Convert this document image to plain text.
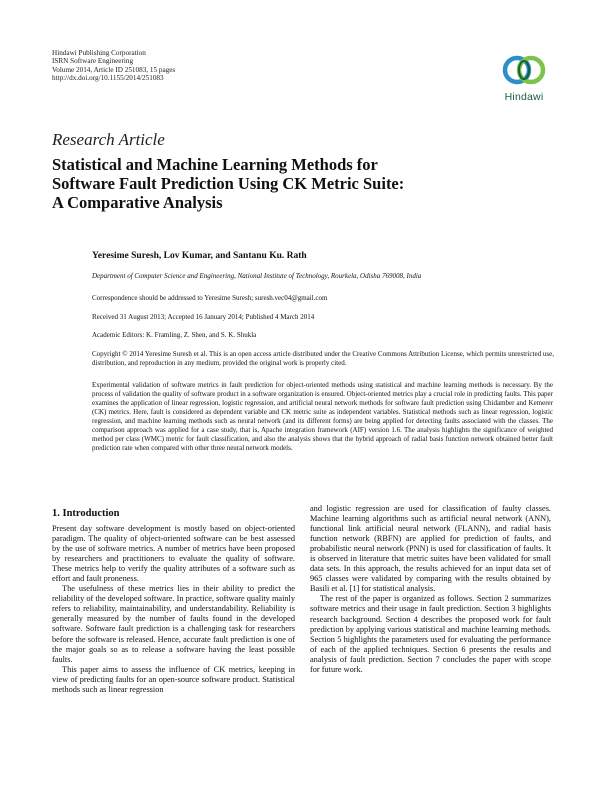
Hindawi Publishing Corporation
ISRN Software Engineering
Volume 2014, Article ID 251083, 15 pages
http://dx.doi.org/10.1155/2014/251083
Hindawi
Research Article
Statistical and Machine Learning Methods for
Software Fault Prediction Using CK Metric Suite:
A Comparative Analysis
Yeresime Suresh, Lov Kumar, and Santanu Ku. Rath
Department of Computer Science and Engineering, National Institute of Technology, Rourkela, Odisha 769008, India
Correspondence should be addressed to Yeresime Suresh; suresh.vec04@gmail.com
Received 31 August 2013; Accepted 16 January 2014; Published 4 March 2014
Academic Editors: K. Framling, Z. Shen, and S. K. Shukla
Copyright © 2014 Yeresime Suresh et al. This is an open access article distributed under the Creative Commons Attribution License, which permits unrestricted use, distribution, and reproduction in any medium, provided the original work is properly cited.
Experimental validation of software metrics in fault prediction for object-oriented methods using statistical and machine learning methods is necessary. By the process of validation the quality of software product in a software organization is ensured. Object-oriented metrics play a crucial role in predicting faults. This paper examines the application of linear regression, logistic regression, and artificial neural network methods for software fault prediction using Chidamber and Kemerer (CK) metrics. Here, fault is considered as dependent variable and CK metric suite as independent variables. Statistical methods such as linear regression, logistic regression, and machine learning methods such as neural network (and its different forms) are being applied for detecting faults associated with the classes. The comparison approach was applied for a case study, that is, Apache integration framework (AIF) version 1.6. The analysis highlights the significance of weighted method per class (WMC) metric for fault classification, and also the analysis shows that the hybrid approach of radial basis function network obtained better fault prediction rate when compared with other three neural network models.
1. Introduction

Present day software development is mostly based on object-oriented paradigm. The quality of object-oriented software can be best assessed by the use of software metrics. A number of metrics have been proposed by researchers and practitioners to evaluate the quality of software. These metrics help to verify the quality attributes of a software such as effort and fault proneness.

The usefulness of these metrics lies in their ability to predict the reliability of the developed software. In practice, software quality mainly refers to reliability, maintainability, and understandability. Reliability is generally measured by the number of faults found in the developed software. Software fault prediction is a challenging task for researchers before the software is released. Hence, accurate fault prediction is one of the major goals so as to release a software having the least possible faults.

This paper aims to assess the influence of CK metrics, keeping in view of predicting faults for an open-source software product. Statistical methods such as linear regression

and logistic regression are used for classification of faulty classes. Machine learning algorithms such as artificial neural network (ANN), functional link artificial neural network (FLANN), and radial basis function network (RBFN) are applied for prediction of faults, and probabilistic neural network (PNN) is used for classification of faults. It is observed in literature that metric suites have been validated for small data sets. In this approach, the results achieved for an input data set of 965 classes were validated by comparing with the results obtained by Basili et al. [1] for statistical analysis.

The rest of the paper is organized as follows. Section 2 summarizes software metrics and their usage in fault prediction. Section 3 highlights research background. Section 4 describes the proposed work for fault prediction by applying various statistical and machine learning methods. Section 5 highlights the parameters used for evaluating the performance of each of the applied techniques. Section 6 presents the results and analysis of fault prediction. Section 7 concludes the paper with scope for future work.
